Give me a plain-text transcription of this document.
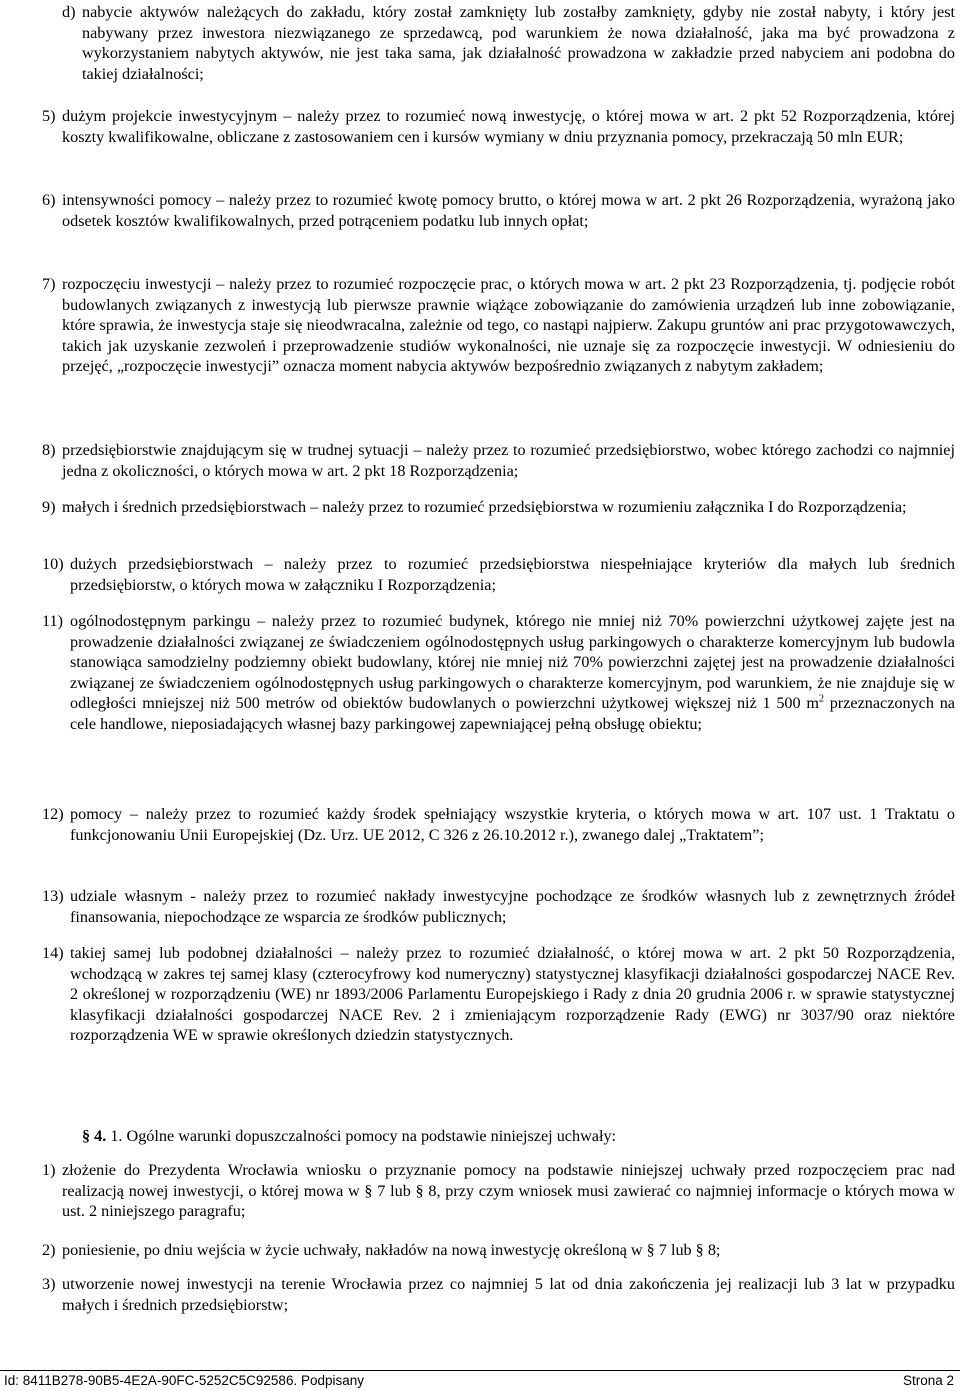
d) nabycie aktywów należących do zakładu, który został zamknięty lub zostałby zamknięty, gdyby nie został nabyty, i który jest nabywany przez inwestora niezwiązanego ze sprzedawcą, pod warunkiem że nowa działalność, jaka ma być prowadzona z wykorzystaniem nabytych aktywów, nie jest taka sama, jak działalność prowadzona w zakładzie przed nabyciem ani podobna do takiej działalności;

5) dużym projekcie inwestycyjnym – należy przez to rozumieć nową inwestycję, o której mowa w art. 2 pkt 52 Rozporządzenia, której koszty kwalifikowalne, obliczane z zastosowaniem cen i kursów wymiany w dniu przyznania pomocy, przekraczają 50 mln EUR;

6) intensywności pomocy – należy przez to rozumieć kwotę pomocy brutto, o której mowa w art. 2 pkt 26 Rozporządzenia, wyrażoną jako odsetek kosztów kwalifikowalnych, przed potrąceniem podatku lub innych opłat;

7) rozpoczęciu inwestycji – należy przez to rozumieć rozpoczęcie prac, o których mowa w art. 2 pkt 23 Rozporządzenia, tj. podjęcie robót budowlanych związanych z inwestycją lub pierwsze prawnie wiążące zobowiązanie do zamówienia urządzeń lub inne zobowiązanie, które sprawia, że inwestycja staje się nieodwracalna, zależnie od tego, co nastąpi najpierw. Zakupu gruntów ani prac przygotowawczych, takich jak uzyskanie zezwoleń i przeprowadzenie studiów wykonalności, nie uznaje się za rozpoczęcie inwestycji. W odniesieniu do przejęć, „rozpoczęcie inwestycji” oznacza moment nabycia aktywów bezpośrednio związanych z nabytym zakładem;

8) przedsiębiorstwie znajdującym się w trudnej sytuacji – należy przez to rozumieć przedsiębiorstwo, wobec którego zachodzi co najmniej jedna z okoliczności, o których mowa w art. 2 pkt 18 Rozporządzenia;

9) małych i średnich przedsiębiorstwach – należy przez to rozumieć przedsiębiorstwa w rozumieniu załącznika I do Rozporządzenia;

10) dużych przedsiębiorstwach – należy przez to rozumieć przedsiębiorstwa niespełniające kryteriów dla małych lub średnich przedsiębiorstw, o których mowa w załączniku I Rozporządzenia;

11) ogólnodostępnym parkingu – należy przez to rozumieć budynek, którego nie mniej niż 70% powierzchni użytkowej zajęte jest na prowadzenie działalności związanej ze świadczeniem ogólnodostępnych usług parkingowych o charakterze komercyjnym lub budowla stanowiąca samodzielny podziemny obiekt budowlany, której nie mniej niż 70% powierzchni zajętej jest na prowadzenie działalności związanej ze świadczeniem ogólnodostępnych usług parkingowych o charakterze komercyjnym, pod warunkiem, że nie znajduje się w odległości mniejszej niż 500 metrów od obiektów budowlanych o powierzchni użytkowej większej niż 1 500 $m^2$ przeznaczonych na cele handlowe, nieposiadających własnej bazy parkingowej zapewniającej pełną obsługę obiektu;

12) pomocy – należy przez to rozumieć każdy środek spełniający wszystkie kryteria, o których mowa w art. 107 ust. 1 Traktatu o funkcjonowaniu Unii Europejskiej (Dz. Urz. UE 2012, C 326 z 26.10.2012 r.), zwanego dalej „Traktatem”;

13) udziale własnym - należy przez to rozumieć nakłady inwestycyjne pochodzące ze środków własnych lub z zewnętrznych źródeł finansowania, niepochodzące ze wsparcia ze środków publicznych;

14) takiej samej lub podobnej działalności – należy przez to rozumieć działalność, o której mowa w art. 2 pkt 50 Rozporządzenia, wchodzącą w zakres tej samej klasy (czterocyfrowy kod numeryczny) statystycznej klasyfikacji działalności gospodarczej NACE Rev. 2 określonej w rozporządzeniu (WE) nr 1893/2006 Parlamentu Europejskiego i Rady z dnia 20 grudnia 2006 r. w sprawie statystycznej klasyfikacji działalności gospodarczej NACE Rev. 2 i zmieniającym rozporządzenie Rady (EWG) nr 3037/90 oraz niektóre rozporządzenia WE w sprawie określonych dziedzin statystycznych.

§ 4. 1. Ogólne warunki dopuszczalności pomocy na podstawie niniejszej uchwały:
1) złożenie do Prezydenta Wrocławia wniosku o przyznanie pomocy na podstawie niniejszej uchwały przed rozpoczęciem prac nad realizacją nowej inwestycji, o której mowa w § 7 lub § 8, przy czym wniosek musi zawierać co najmniej informacje o których mowa w ust. 2 niniejszego paragrafu;

2) poniesienie, po dniu wejścia w życie uchwały, nakładów na nową inwestycję określoną w § 7 lub § 8;

3) utworzenie nowej inwestycji na terenie Wrocławia przez co najmniej 5 lat od dnia zakończenia jej realizacji lub 3 lat w przypadku małych i średnich przedsiębiorstw;

Id: 8411B278-90B5-4E2A-90FC-5252C5C92586. Podpisany	Strona 2
